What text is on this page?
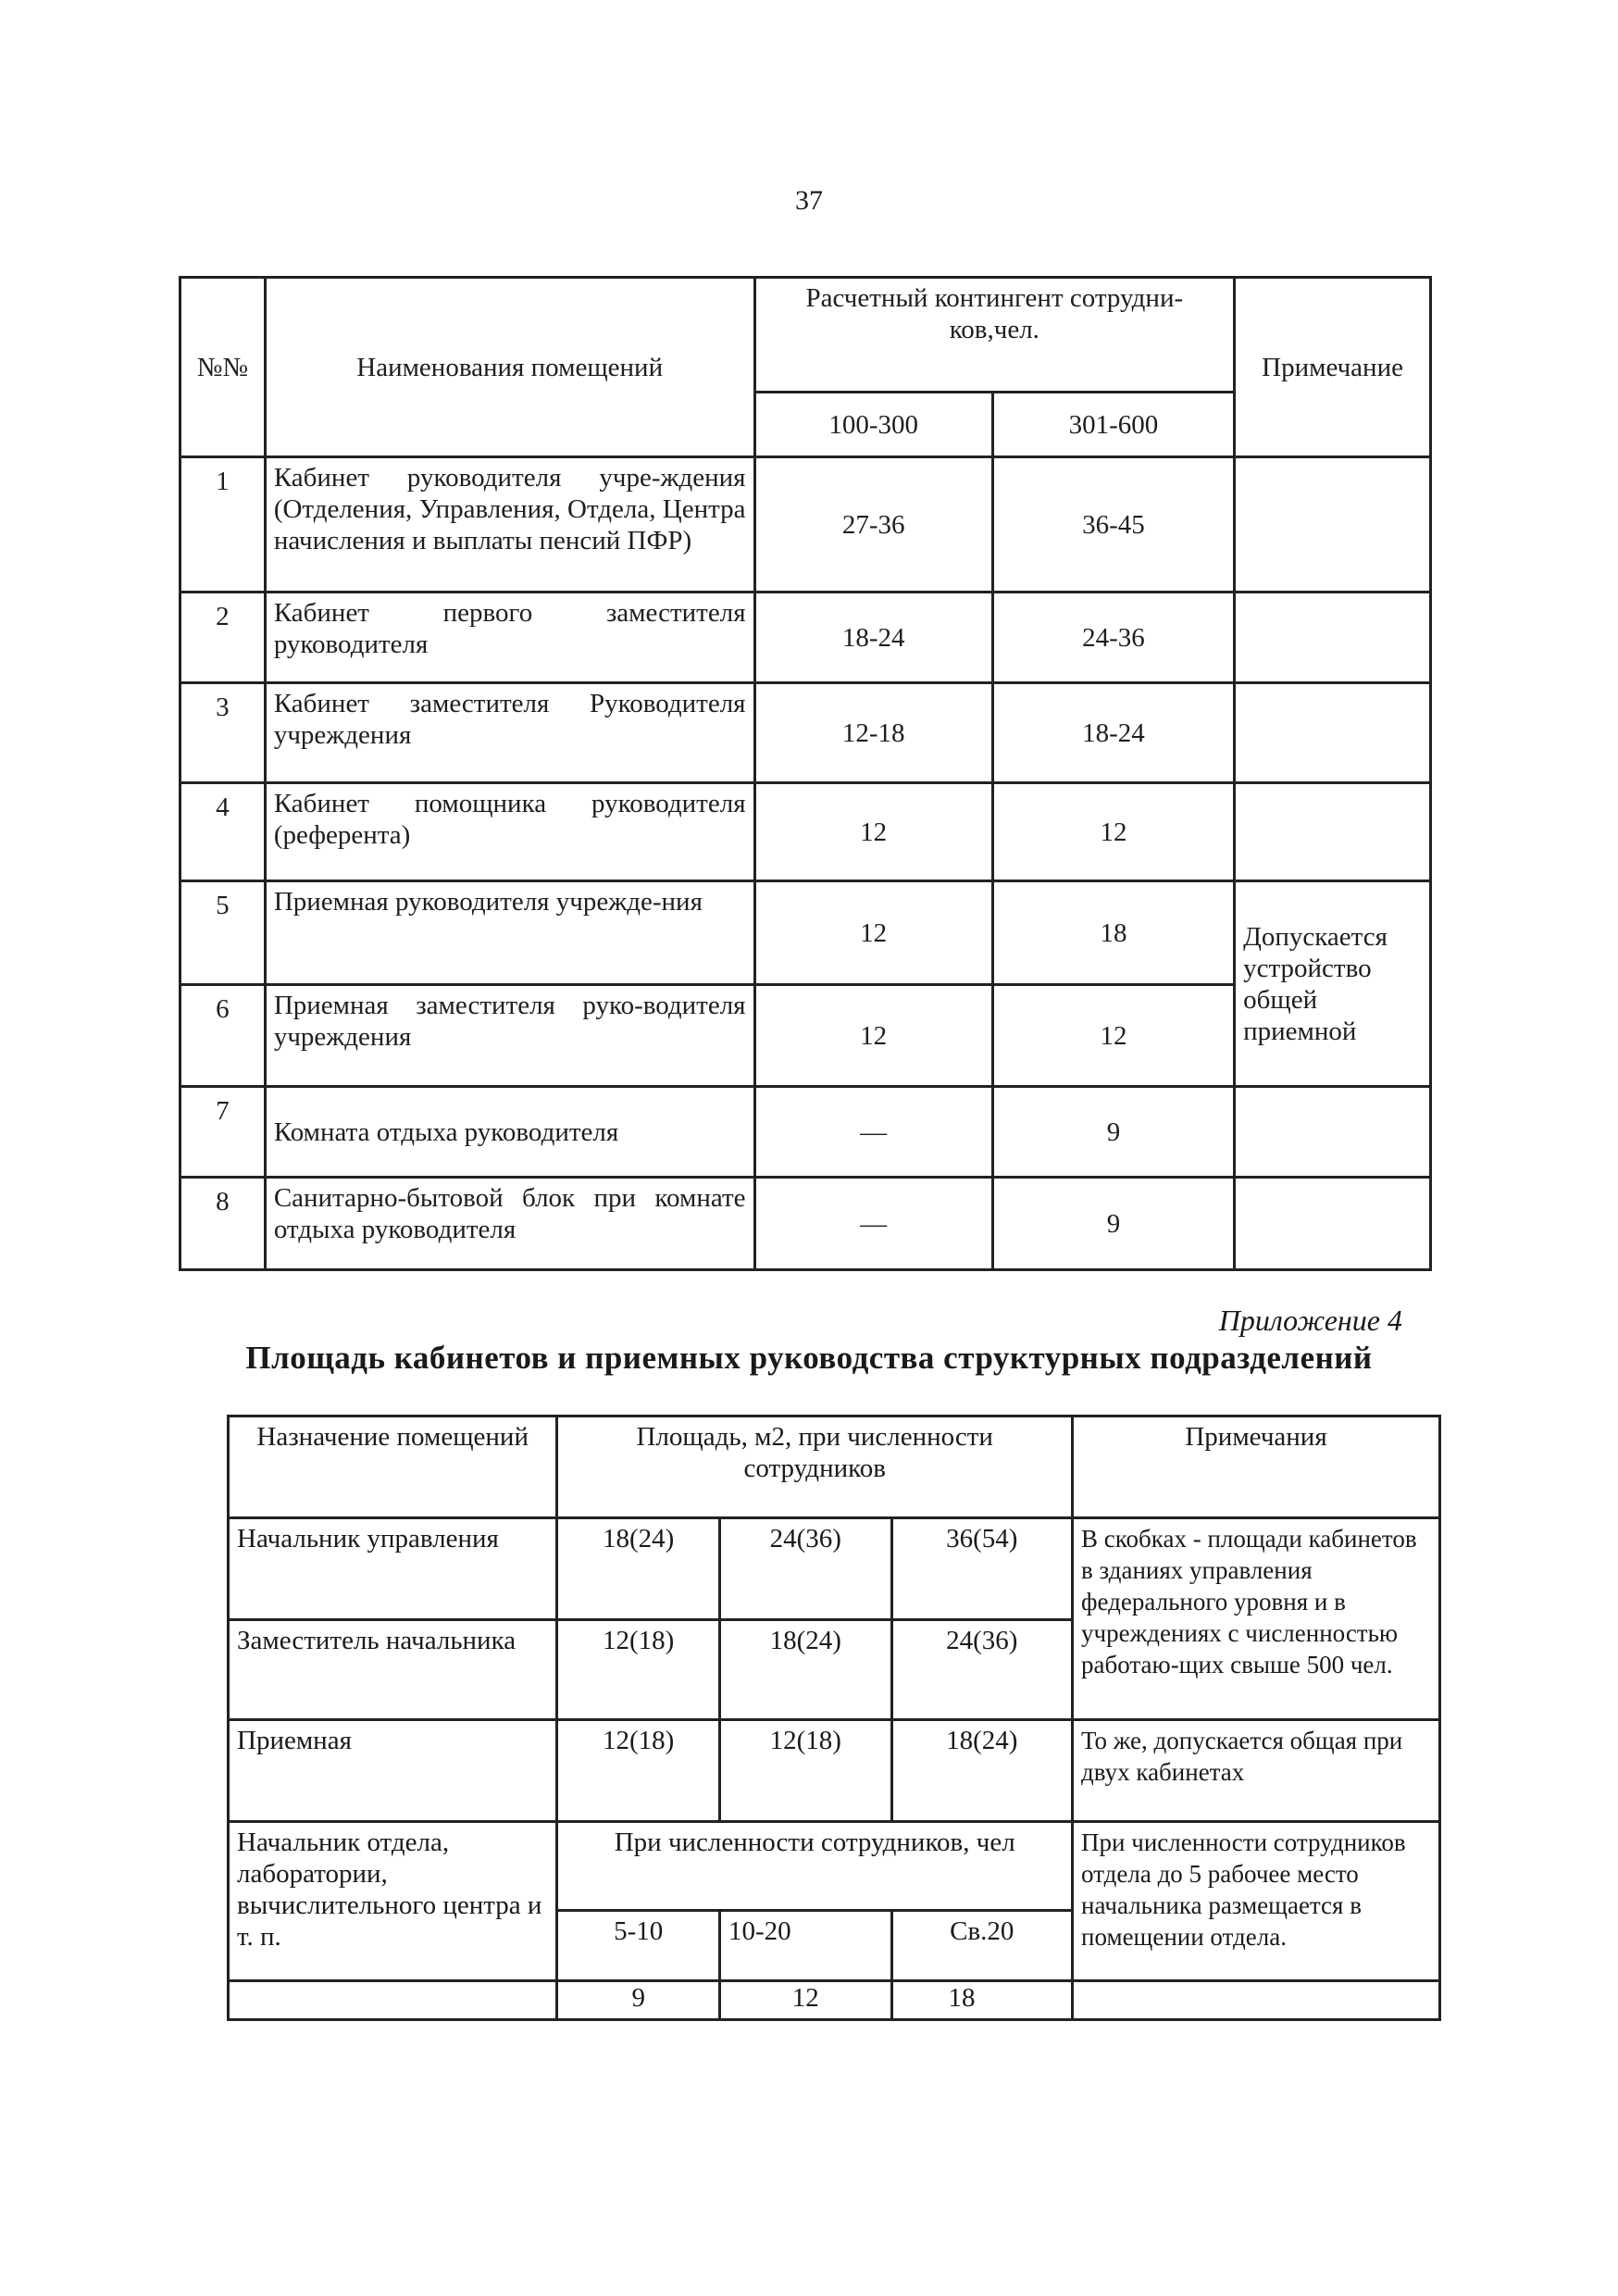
37
№№	Наименования помещений	Расчетный контингент сотрудни-ков,чел.		Примечание
		100-300	301-600	
1	Кабинет руководителя учре-ждения (Отделения, Управления, Отдела, Центра начисления и выплаты пенсий ПФР)	27-36	36-45	
2	Кабинет первого заместителя руководителя	18-24	24-36	
3	Кабинет заместителя Руководителя учреждения	12-18	18-24	
4	Кабинет помощника руководителя (референта)	12	12	
5	Приемная руководителя учрежде-ния	12	18	Допускается устройство общей приемной
6	Приемная заместителя руко-водителя учреждения	12	12	
7	Комната отдыха руководителя	—	9	
8	Санитарно-бытовой блок при комнате отдыха руководителя	—	9	
Приложение 4
Площадь кабинетов и приемных руководства структурных подразделений
Назначение помещений	Площадь, м2, при численности сотрудников			Примечания
Начальник управления	18(24)	24(36)	36(54)	В скобках - площади кабинетов в зданиях управления федерального уровня и в учреждениях с численностью работаю-щих свыше 500 чел.
Заместитель начальника	12(18)	18(24)	24(36)	
Приемная	12(18)	12(18)	18(24)	То же, допускается общая при двух кабинетах
Начальник отдела, лаборатории, вычислительного центра и т. п.	При численности сотрудников, чел			При численности сотрудников отдела до 5 рабочее место начальника размещается в помещении отдела.
	5-10	10-20	Св.20	
	9	12	18	
